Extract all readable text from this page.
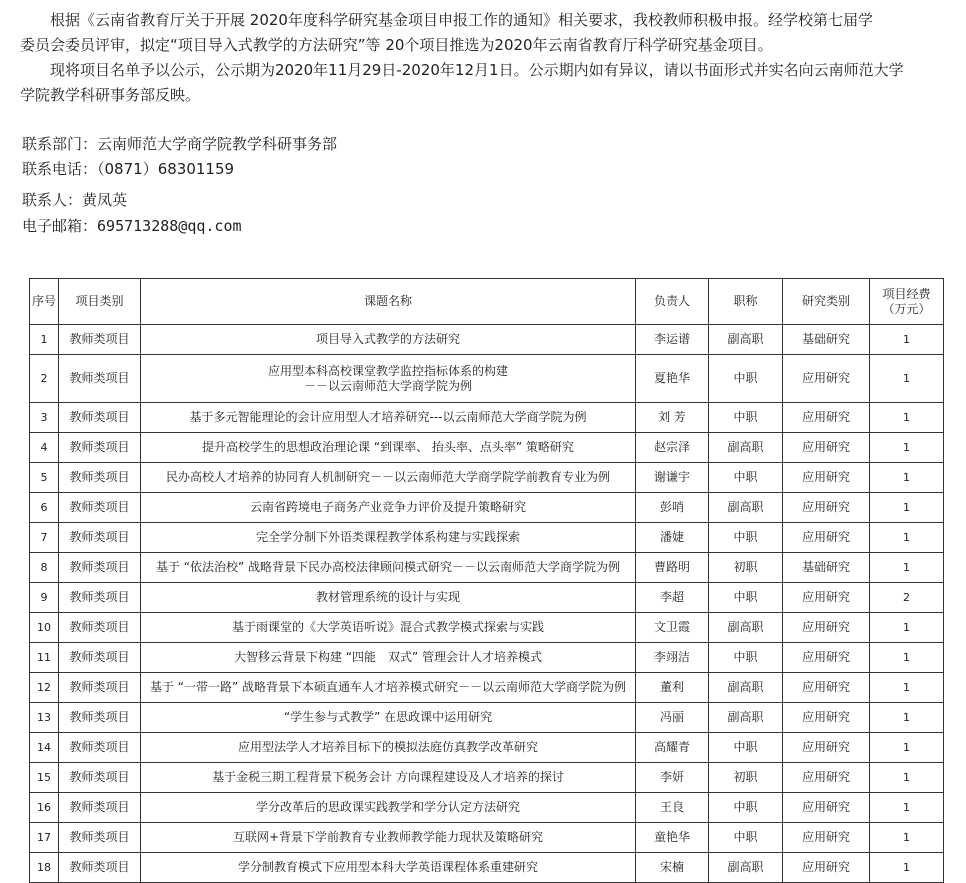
根据《云南省教育厅关于开展 2020年度科学研究基金项目申报工作的通知》相关要求，我校教师积极申报。经学校第七届学

委员会委员评审，拟定“项目导入式教学的方法研究”等 20个项目推选为2020年云南省教育厅科学研究基金项目。

现将项目名单予以公示，公示期为2020年11月29日-2020年12月1日。公示期内如有异议，请以书面形式并实名向云南师范大学

学院教学科研事务部反映。

联系部门：云南师范大学商学院教学科研事务部
联系电话：（0871）68301159
联系人：黄凤英
电子邮箱：695713288@qq.com
序号	项目类别	课题名称	负责人	职称	研究类别	项目经费（万元）
1	教师类项目	项目导入式教学的方法研究	李运谱	副高职	基础研究	1
2	教师类项目	应用型本科高校课堂教学监控指标体系的构建
－－以云南师范大学商学院为例	夏艳华	中职	应用研究	1
3	教师类项目	基于多元智能理论的会计应用型人才培养研究---以云南师范大学商学院为例	刘 芳	中职	应用研究	1
4	教师类项目	提升高校学生的思想政治理论课 “到课率、 抬头率、点头率” 策略研究	赵宗泽	副高职	应用研究	1
5	教师类项目	民办高校人才培养的协同育人机制研究－－以云南师范大学商学院学前教育专业为例	谢谦宇	中职	应用研究	1
6	教师类项目	云南省跨境电子商务产业竞争力评价及提升策略研究	彭哨	副高职	应用研究	1
7	教师类项目	完全学分制下外语类课程教学体系构建与实践探索	潘婕	中职	应用研究	1
8	教师类项目	基于 “依法治校” 战略背景下民办高校法律顾问模式研究－－以云南师范大学商学院为例	曹路明	初职	基础研究	1
9	教师类项目	教材管理系统的设计与实现	李超	中职	应用研究	2
10	教师类项目	基于雨课堂的《大学英语听说》混合式教学模式探索与实践	文卫霞	副高职	应用研究	1
11	教师类项目	大智移云背景下构建 “四能　双式” 管理会计人才培养模式	李翊洁	中职	应用研究	1
12	教师类项目	基于 “一带一路” 战略背景下本硕直通车人才培养模式研究－－以云南师范大学商学院为例	董利	副高职	应用研究	1
13	教师类项目	“学生参与式教学” 在思政课中运用研究	冯丽	副高职	应用研究	1
14	教师类项目	应用型法学人才培养目标下的模拟法庭仿真教学改革研究	高耀青	中职	应用研究	1
15	教师类项目	基于金税三期工程背景下税务会计 方向课程建设及人才培养的探讨	李妍	初职	应用研究	1
16	教师类项目	学分改革后的思政课实践教学和学分认定方法研究	王良	中职	应用研究	1
17	教师类项目	互联网+背景下学前教育专业教师教学能力现状及策略研究	童艳华	中职	应用研究	1
18	教师类项目	学分制教育模式下应用型本科大学英语课程体系重建研究	宋楠	副高职	应用研究	1
